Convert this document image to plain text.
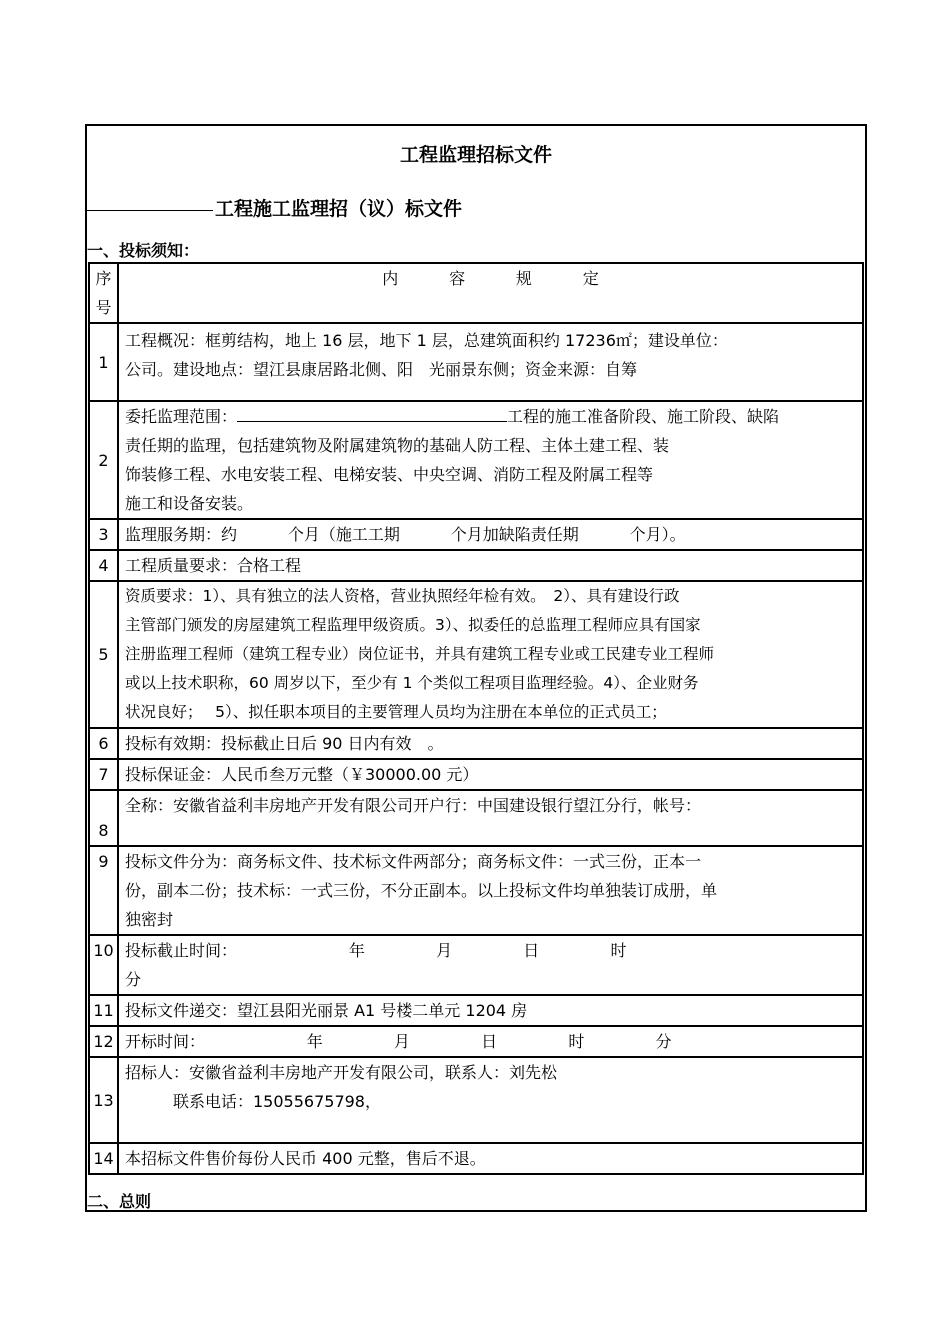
工程监理招标文件
工程施工监理招（议）标文件
一、投标须知：
序
号	内          容          规          定
1	工程概况：框剪结构，地上 16 层，地下 1 层，总建筑面积约 17236㎡；建设单位：
公司。建设地点：望江县康居路北侧、阳　光丽景东侧；资金来源：自筹

2	委托监理范围： 工程的施工准备阶段、施工阶段、缺陷
责任期的监理，包括建筑物及附属建筑物的基础人防工程、主体土建工程、装
饰装修工程、水电安装工程、电梯安装、中央空调、消防工程及附属工程等
施工和设备安装。

3	监理服务期：约          个月（施工工期          个月加缺陷责任期          个月）。

4	工程质量要求：合格工程

5	资质要求：1）、具有独立的法人资格，营业执照经年检有效。　2）、具有建设行政
主管部门颁发的房屋建筑工程监理甲级资质。3）、拟委任的总监理工程师应具有国家
注册监理工程师（建筑工程专业）岗位证书，并具有建筑工程专业或工民建专业工程师
或以上技术职称，60 周岁以下，至少有 1 个类似工程项目监理经验。4）、企业财务
状况良好；　 5）、拟任职本项目的主要管理人员均为注册在本单位的正式员工；

6	投标有效期：投标截止日后 90 日内有效　。

7	投标保证金：人民币叁万元整（￥30000.00 元）

8	全称：安徽省益利丰房地产开发有限公司开户行：中国建设银行望江分行，帐号：

9	投标文件分为：商务标文件、技术标文件两部分；商务标文件：一式三份，正本一
份，副本二份；技术标：一式三份，不分正副本。以上投标文件均单独装订成册，单
独密封

10	投标截止时间：                      年              月              日              时
分

11	投标文件递交：望江县阳光丽景 A1 号楼二单元 1204 房

12	开标时间：                    年              月              日              时              分

13	招标人：安徽省益利丰房地产开发有限公司，联系人：刘先松
　　　联系电话：15055675798，

14	本招标文件售价每份人民币 400 元整，售后不退。
二、总则
